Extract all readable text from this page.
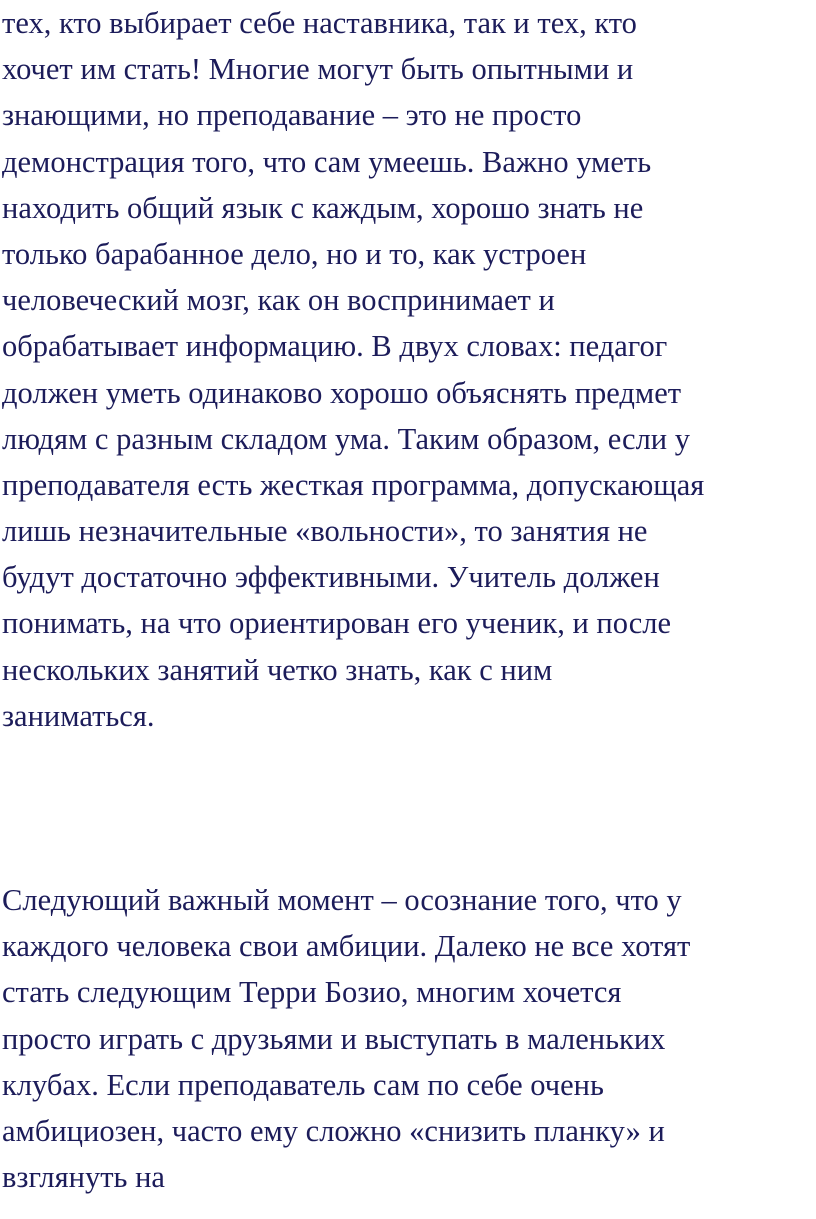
тех, кто выбирает себе наставника, так и тех, кто
хочет им стать! Многие могут быть опытными и
знающими, но преподавание – это не просто
демонстрация того, что сам умеешь. Важно уметь
находить общий язык с каждым, хорошо знать не
только барабанное дело, но и то, как устроен
человеческий мозг, как он воспринимает и
обрабатывает информацию. В двух словах: педагог
должен уметь одинаково хорошо объяснять предмет
людям с разным складом ума. Таким образом, если у
преподавателя есть жесткая программа, допускающая
лишь незначительные «вольности», то занятия не
будут достаточно эффективными. Учитель должен
понимать, на что ориентирован его ученик, и после
нескольких занятий четко знать, как с ним
заниматься.
Следующий важный момент – осознание того, что у
каждого человека свои амбиции. Далеко не все хотят
стать следующим Терри Бозио, многим хочется
просто играть с друзьями и выступать в маленьких
клубах. Если преподаватель сам по себе очень
амбициозен, часто ему сложно «снизить планку» и
взглянуть на
